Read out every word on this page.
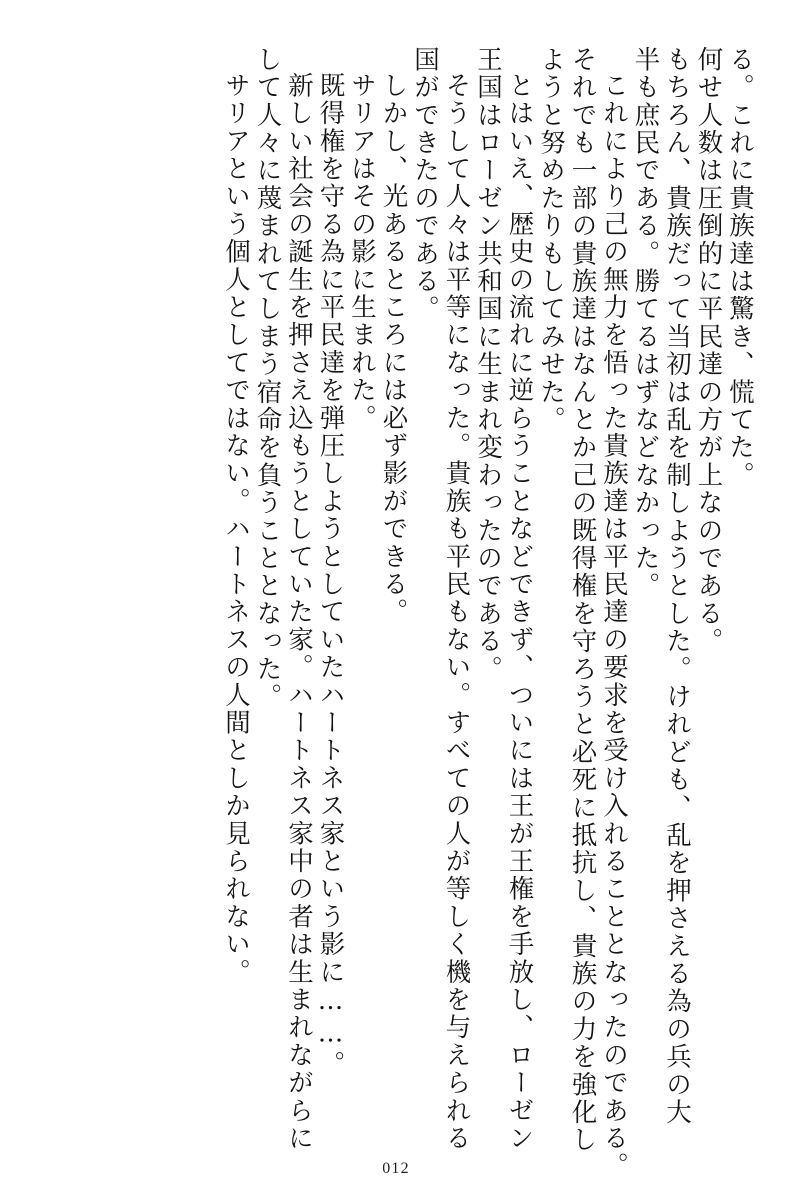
る。これに貴族達は驚き、慌てた。
何せ人数は圧倒的に平民達の方が上なのである。
もちろん、貴族だって当初は乱を制しようとした。けれども、乱を押さえる為の兵の大
半も庶民である。勝てるはずなどなかった。
これにより己の無力を悟った貴族達は平民達の要求を受け入れることとなったのである。
それでも一部の貴族達はなんとか己の既得権を守ろうと必死に抵抗し、貴族の力を強化し
ようと努めたりもしてみせた。
とはいえ、歴史の流れに逆らうことなどできず、ついには王が王権を手放し、ローゼン
王国はローゼン共和国に生まれ変わったのである。
そうして人々は平等になった。貴族も平民もない。すべての人が等しく機を与えられる
国ができたのである。
しかし、光あるところには必ず影ができる。
サリアはその影に生まれた。
既得権を守る為に平民達を弾圧しようとしていたハートネス家という影に……。
新しい社会の誕生を押さえ込もうとしていた家。ハートネス家中の者は生まれながらに
して人々に蔑まれてしまう宿命を負うこととなった。
サリアという個人としてではない。ハートネスの人間としか見られない。
012
